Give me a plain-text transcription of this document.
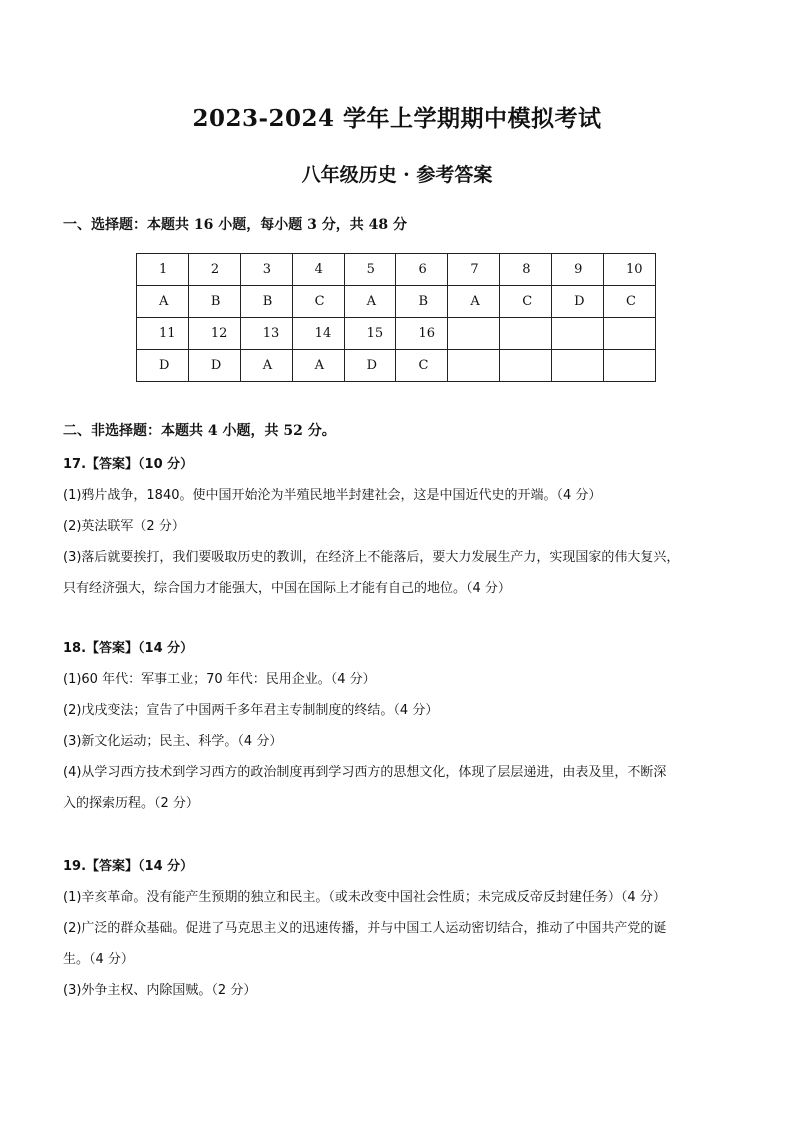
2023-2024 学年上学期期中模拟考试
八年级历史 · 参考答案
一、选择题：本题共 16 小题，每小题 3 分，共 48 分
1	2	3	4	5	6	7	8	9	10
A	B	B	C	A	B	A	C	D	C
11	12	13	14	15	16				
D	D	A	A	D	C				
二、非选择题：本题共 4 小题，共 52 分。

17.【答案】（10 分）

(1)鸦片战争，1840。使中国开始沦为半殖民地半封建社会，这是中国近代史的开端。（4 分）

(2)英法联军（2 分）

(3)落后就要挨打，我们要吸取历史的教训，在经济上不能落后，要大力发展生产力，实现国家的伟大复兴，

只有经济强大，综合国力才能强大，中国在国际上才能有自己的地位。（4 分）

18.【答案】（14 分）

(1)60 年代：军事工业；70 年代：民用企业。（4 分）

(2)戊戌变法；宣告了中国两千多年君主专制制度的终结。（4 分）

(3)新文化运动；民主、科学。（4 分）

(4)从学习西方技术到学习西方的政治制度再到学习西方的思想文化，体现了层层递进，由表及里，不断深

入的探索历程。（2 分）

19.【答案】（14 分）

(1)辛亥革命。没有能产生预期的独立和民主。（或未改变中国社会性质；未完成反帝反封建任务）（4 分）

(2)广泛的群众基础。促进了马克思主义的迅速传播，并与中国工人运动密切结合，推动了中国共产党的诞

生。（4 分）

(3)外争主权、内除国贼。（2 分）
